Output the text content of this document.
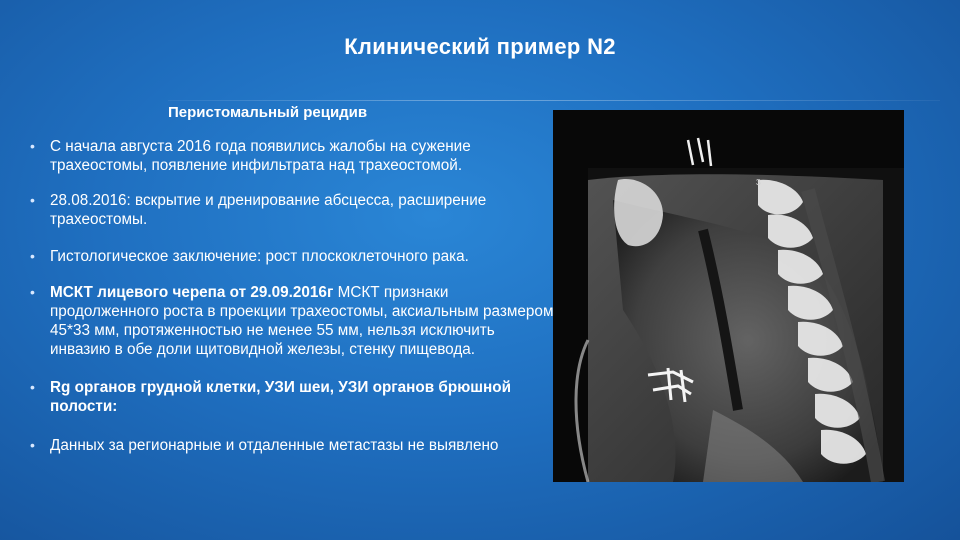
Клинический пример N2
Перистомальный рецидив
• С начала августа 2016 года появились жалобы на сужение трахеостомы, появление инфильтрата над трахеостомой.
• 28.08.2016: вскрытие и дренирование абсцесса, расширение трахеостомы.
• Гистологическое заключение: рост плоскоклеточного рака.
• МСКТ лицевого черепа от 29.09.2016г МСКТ признаки продолженного роста в проекции трахеостомы, аксиальным размером 45*33 мм, протяженностью не менее 55 мм, нельзя исключить инвазию в обе доли щитовидной железы, стенку пищевода.
• Rg органов грудной клетки, УЗИ шеи, УЗИ органов брюшной полости:
• Данных за регионарные и отдаленные метастазы не выявлено
3
